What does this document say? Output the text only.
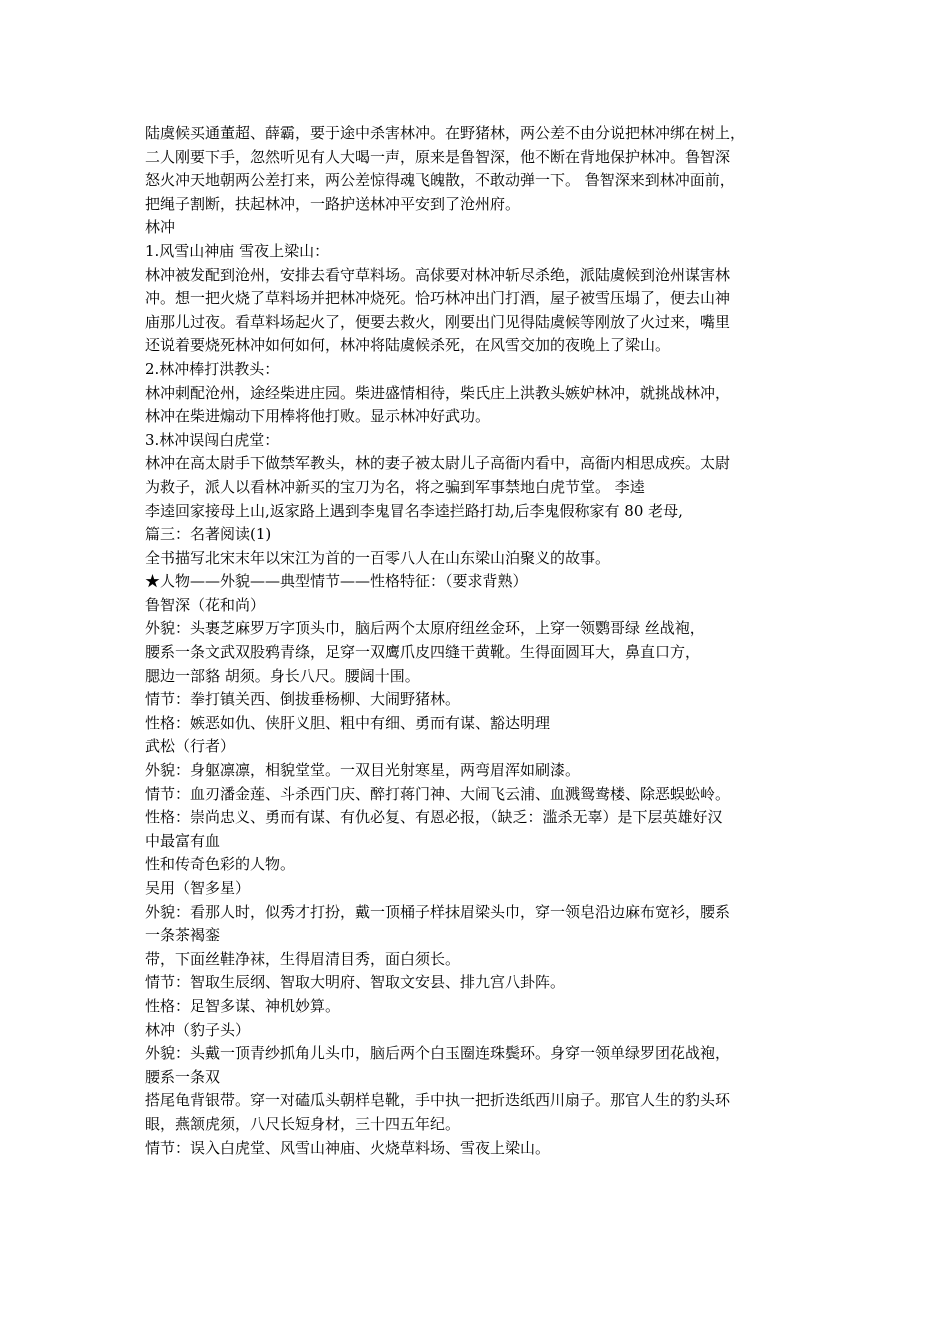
陆虞候买通董超、薛霸，要于途中杀害林冲。在野猪林，两公差不由分说把林冲绑在树上，
二人刚要下手，忽然听见有人大喝一声，原来是鲁智深，他不断在背地保护林冲。鲁智深
怒火冲天地朝两公差打来，两公差惊得魂飞魄散，不敢动弹一下。 鲁智深来到林冲面前，
把绳子割断，扶起林冲，一路护送林冲平安到了沧州府。
林冲
1.风雪山神庙 雪夜上梁山：
林冲被发配到沧州，安排去看守草料场。高俅要对林冲斩尽杀绝，派陆虞候到沧州谋害林
冲。想一把火烧了草料场并把林冲烧死。恰巧林冲出门打酒，屋子被雪压塌了，便去山神
庙那儿过夜。看草料场起火了，便要去救火，刚要出门见得陆虞候等刚放了火过来，嘴里
还说着要烧死林冲如何如何，林冲将陆虞候杀死，在风雪交加的夜晚上了梁山。
2.林冲棒打洪教头：
林冲刺配沧州，途经柴进庄园。柴进盛情相待，柴氏庄上洪教头嫉妒林冲，就挑战林冲，
林冲在柴进煽动下用棒将他打败。显示林冲好武功。
3.林冲误闯白虎堂：
林冲在高太尉手下做禁军教头，林的妻子被太尉儿子高衙内看中，高衙内相思成疾。太尉
为救子，派人以看林冲新买的宝刀为名，将之骗到军事禁地白虎节堂。 李逵
李逵回家接母上山,返家路上遇到李鬼冒名李逵拦路打劫,后李鬼假称家有 80 老母,
篇三：名著阅读(1)
全书描写北宋末年以宋江为首的一百零八人在山东梁山泊聚义的故事。
★人物——外貌——典型情节——性格特征：（要求背熟）
鲁智深（花和尚）
外貌：头裹芝麻罗万字顶头巾，脑后两个太原府纽丝金环，上穿一领鹦哥绿 丝战袍，
腰系一条文武双股鸦青绦，足穿一双鹰爪皮四缝干黄靴。生得面圆耳大，鼻直口方，
腮边一部貉 胡须。身长八尺。腰阔十围。
情节：拳打镇关西、倒拔垂杨柳、大闹野猪林。
性格：嫉恶如仇、侠肝义胆、粗中有细、勇而有谋、豁达明理
武松（行者）
外貌：身躯凛凛，相貌堂堂。一双目光射寒星，两弯眉浑如刷漆。
情节：血刃潘金莲、斗杀西门庆、醉打蒋门神、大闹飞云浦、血溅鸳鸯楼、除恶蜈蚣岭。
性格：崇尚忠义、勇而有谋、有仇必复、有恩必报，（缺乏：滥杀无辜）是下层英雄好汉
中最富有血
性和传奇色彩的人物。
吴用（智多星）
外貌：看那人时，似秀才打扮，戴一顶桶子样抹眉梁头巾，穿一领皂沿边麻布宽衫，腰系
一条茶褐銮
带，下面丝鞋净袜，生得眉清目秀，面白须长。
情节：智取生辰纲、智取大明府、智取文安县、排九宫八卦阵。
性格：足智多谋、神机妙算。
林冲（豹子头）
外貌：头戴一顶青纱抓角儿头巾，脑后两个白玉圈连珠鬓环。身穿一领单绿罗团花战袍，
腰系一条双
搭尾龟背银带。穿一对磕瓜头朝样皂靴，手中执一把折迭纸西川扇子。那官人生的豹头环
眼，燕颔虎须，八尺长短身材，三十四五年纪。
情节：误入白虎堂、风雪山神庙、火烧草料场、雪夜上梁山。
